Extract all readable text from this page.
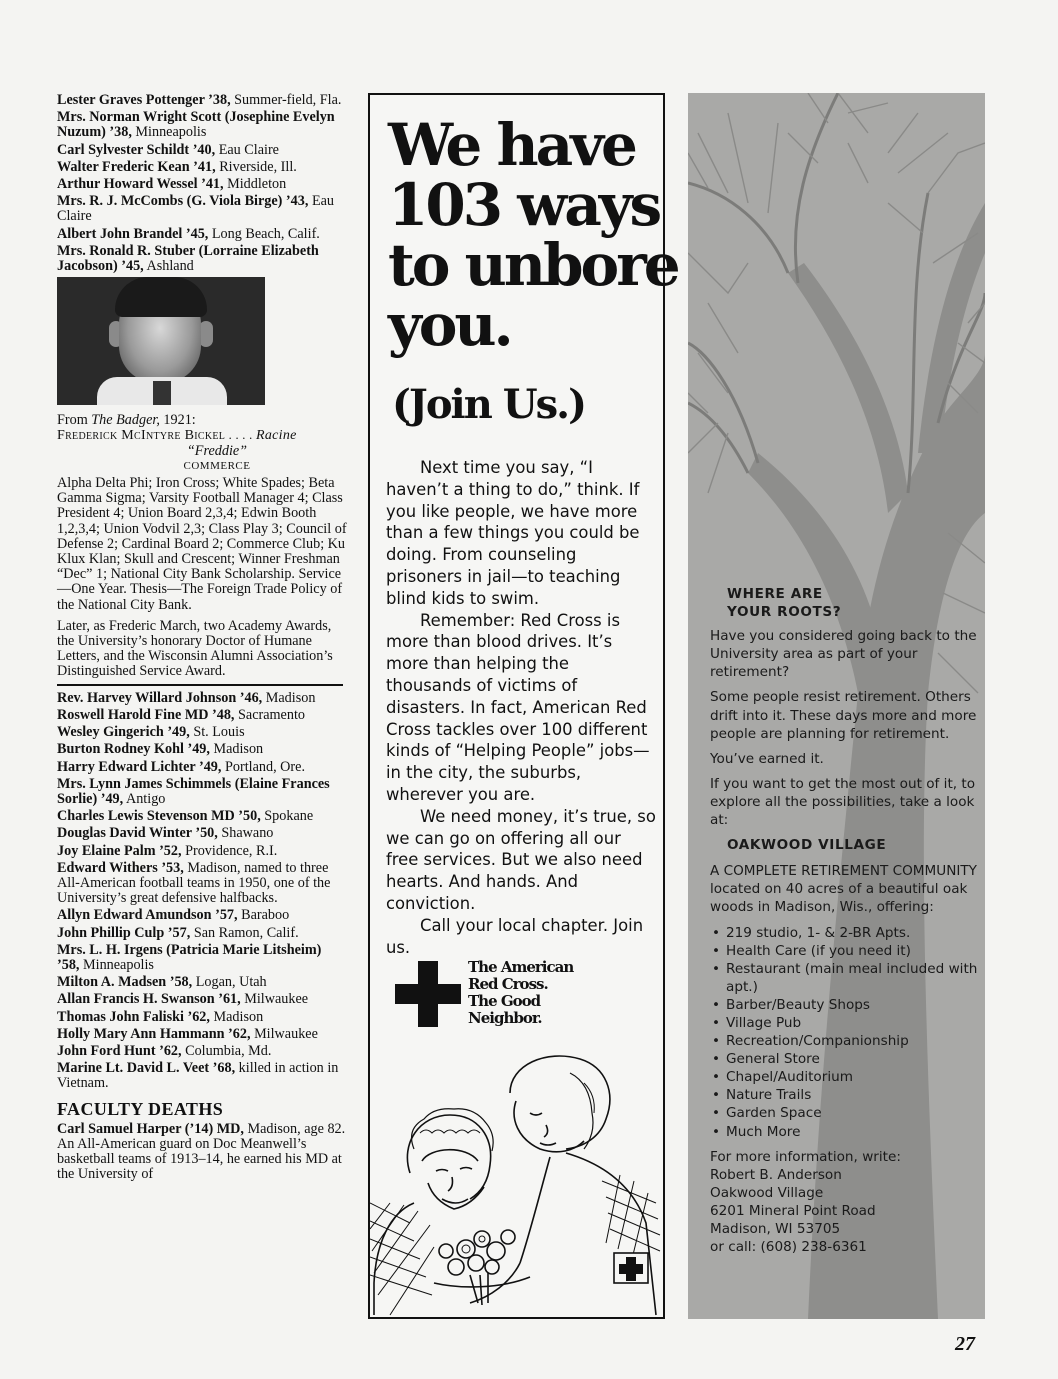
Lester Graves Pottenger ’38, Summer-field, Fla.
Mrs. Norman Wright Scott (Josephine Evelyn Nuzum) ’38, Minneapolis
Carl Sylvester Schildt ’40, Eau Claire
Walter Frederic Kean ’41, Riverside, Ill.
Arthur Howard Wessel ’41, Middleton
Mrs. R. J. McCombs (G. Viola Birge) ’43, Eau Claire
Albert John Brandel ’45, Long Beach, Calif.
Mrs. Ronald R. Stuber (Lorraine Elizabeth Jacobson) ’45, Ashland
From The Badger, 1921:
Frederick McIntyre Bickel . . . . Racine
“Freddie”
COMMERCE
Alpha Delta Phi; Iron Cross; White Spades; Beta Gamma Sigma; Varsity Football Manager 4; Class President 4; Union Board 2,3,4; Edwin Booth 1,2,3,4; Union Vodvil 2,3; Class Play 3; Council of Defense 2; Cardinal Board 2; Commerce Club; Ku Klux Klan; Skull and Crescent; Winner Freshman “Dec” 1; National City Bank Scholarship. Service—One Year. Thesis—The Foreign Trade Policy of the National City Bank.
Later, as Frederic March, two Academy Awards, the University’s honorary Doctor of Humane Letters, and the Wisconsin Alumni Association’s Distinguished Service Award.
Rev. Harvey Willard Johnson ’46, Madison
Roswell Harold Fine MD ’48, Sacramento
Wesley Gingerich ’49, St. Louis
Burton Rodney Kohl ’49, Madison
Harry Edward Lichter ’49, Portland, Ore.
Mrs. Lynn James Schimmels (Elaine Frances Sorlie) ’49, Antigo
Charles Lewis Stevenson MD ’50, Spokane
Douglas David Winter ’50, Shawano
Joy Elaine Palm ’52, Providence, R.I.
Edward Withers ’53, Madison, named to three All-American football teams in 1950, one of the University’s great defensive halfbacks.
Allyn Edward Amundson ’57, Baraboo
John Phillip Culp ’57, San Ramon, Calif.
Mrs. L. H. Irgens (Patricia Marie Litsheim) ’58, Minneapolis
Milton A. Madsen ’58, Logan, Utah
Allan Francis H. Swanson ’61, Milwaukee
Thomas John Faliski ’62, Madison
Holly Mary Ann Hammann ’62, Milwaukee
John Ford Hunt ’62, Columbia, Md.
Marine Lt. David L. Veet ’68, killed in action in Vietnam.
FACULTY DEATHS
Carl Samuel Harper (’14) MD, Madison, age 82. An All-American guard on Doc Meanwell’s basketball teams of 1913–14, he earned his MD at the University of
We have
103 ways
to unbore
you.
(Join Us.)

Next time you say, “I haven’t a thing to do,” think. If you like people, we have more than a few things you could be doing. From counseling prisoners in jail—to teaching blind kids to swim.

Remember: Red Cross is more than blood drives. It’s more than helping the thousands of victims of disasters. In fact, American Red Cross tackles over 100 different kinds of “Helping People” jobs—in the city, the suburbs, wherever you are.

We need money, it’s true, so we can go on offering all our free services. But we also need hearts. And hands. And conviction.

Call your local chapter. Join us.

The American
Red Cross.
The Good
Neighbor.
WHERE ARE
YOUR ROOTS?

Have you considered going back to the University area as part of your retirement?

Some people resist retirement. Others drift into it. These days more and more people are planning for retirement.

You’ve earned it.

If you want to get the most out of it, to explore all the possibilities, take a look at:

OAKWOOD VILLAGE

A COMPLETE RETIREMENT COMMUNITY located on 40 acres of a beautiful oak woods in Madison, Wis., offering:

• 219 studio, 1- & 2-BR Apts.
• Health Care (if you need it)
• Restaurant (main meal included with apt.)
• Barber/Beauty Shops
• Village Pub
• Recreation/Companionship
• General Store
• Chapel/Auditorium
• Nature Trails
• Garden Space
• Much More
For more information, write:
Robert B. Anderson
Oakwood Village
6201 Mineral Point Road
Madison, WI 53705
or call: (608) 238-6361
27
